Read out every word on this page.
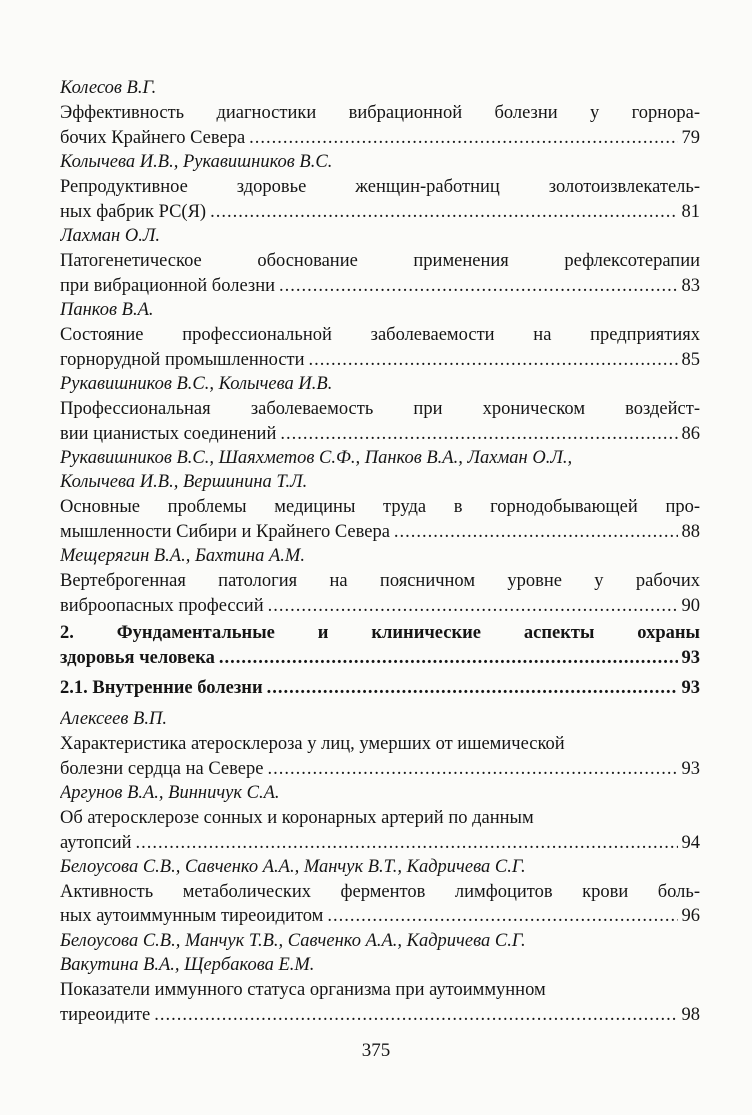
Колесов В.Г.
Эффективность диагностики вибрационной болезни у горнора-
бочих Крайнего Севера .....	79
Колычева И.В., Рукавишников В.С.
Репродуктивное здоровье женщин-работниц золотоизвлекатель-
ных фабрик РС(Я) .....	81
Лахман О.Л.
Патогенетическое обоснование применения рефлексотерапии
при вибрационной болезни .....	83
Панков В.А.
Состояние профессиональной заболеваемости на предприятиях
горнорудной промышленности .....	85
Рукавишников В.С., Колычева И.В.
Профессиональная заболеваемость при хроническом воздейст-
вии цианистых соединений .....	86
Рукавишников В.С., Шаяхметов С.Ф., Панков В.А., Лахман О.Л.,
Колычева И.В., Вершинина Т.Л.
Основные проблемы медицины труда в горнодобывающей про-
мышленности Сибири и Крайнего Севера .....	88
Мещерягин В.А., Бахтина А.М.
Вертеброгенная патология на поясничном уровне у рабочих
виброопасных профессий .....	90
2. Фундаментальные и клинические аспекты охраны
здоровья человека .....	93
2.1. Внутренние болезни .....	93
Алексеев В.П.
Характеристика атеросклероза у лиц, умерших от ишемической
болезни сердца на Севере .....	93
Аргунов В.А., Винничук С.А.
Об атеросклерозе сонных и коронарных артерий по данным
аутопсий .....	94
Белоусова С.В., Савченко А.А., Манчук В.Т., Кадричева С.Г.
Активность метаболических ферментов лимфоцитов крови боль-
ных аутоиммунным тиреоидитом .....	96
Белоусова С.В., Манчук Т.В., Савченко А.А., Кадричева С.Г.
Вакутина В.А., Щербакова Е.М.
Показатели иммунного статуса организма при аутоиммунном
тиреоидите .....	98
375
